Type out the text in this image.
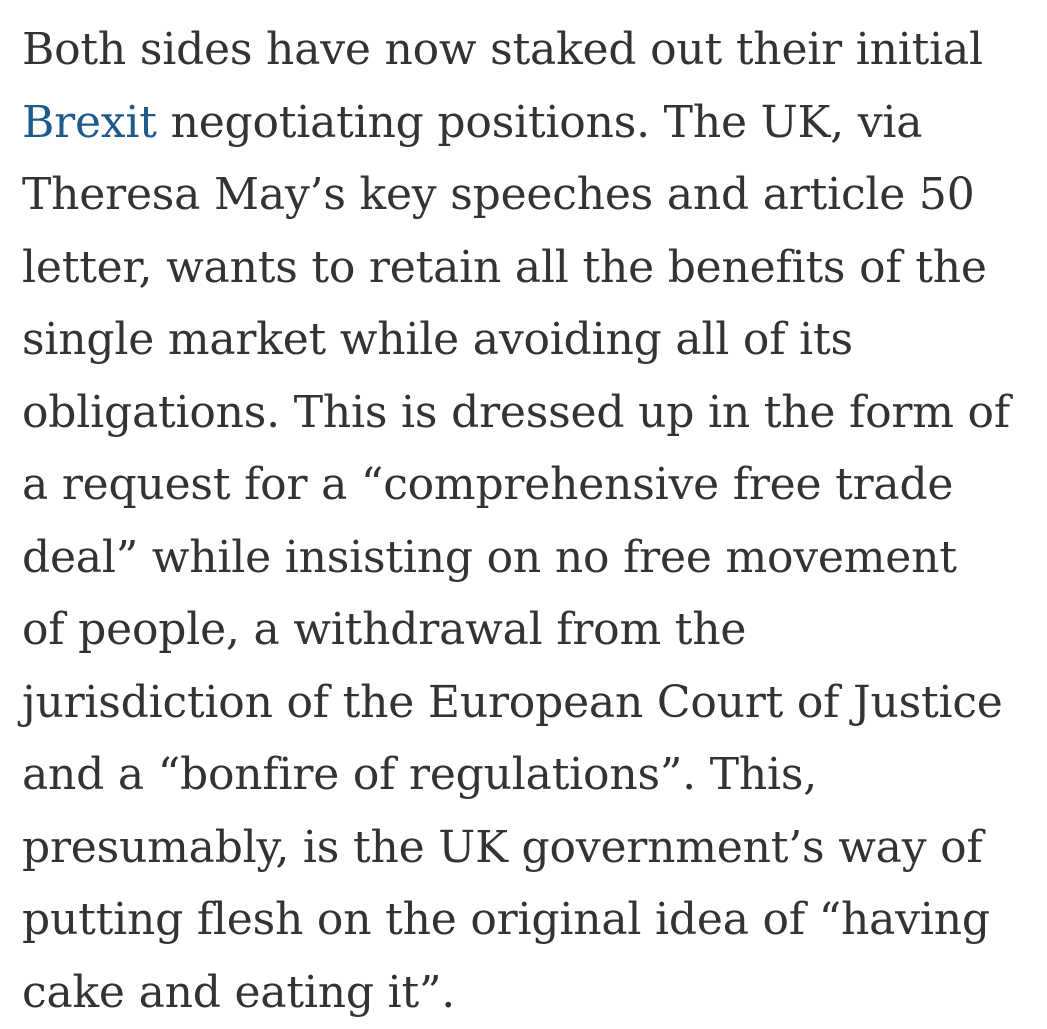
Both sides have now staked out their initial
Brexit negotiating positions. The UK, via
Theresa May’s key speeches and article 50
letter, wants to retain all the benefits of the
single market while avoiding all of its
obligations. This is dressed up in the form of
a request for a “comprehensive free trade
deal” while insisting on no free movement
of people, a withdrawal from the
jurisdiction of the European Court of Justice
and a “bonfire of regulations”. This,
presumably, is the UK government’s way of
putting flesh on the original idea of “having
cake and eating it”.
